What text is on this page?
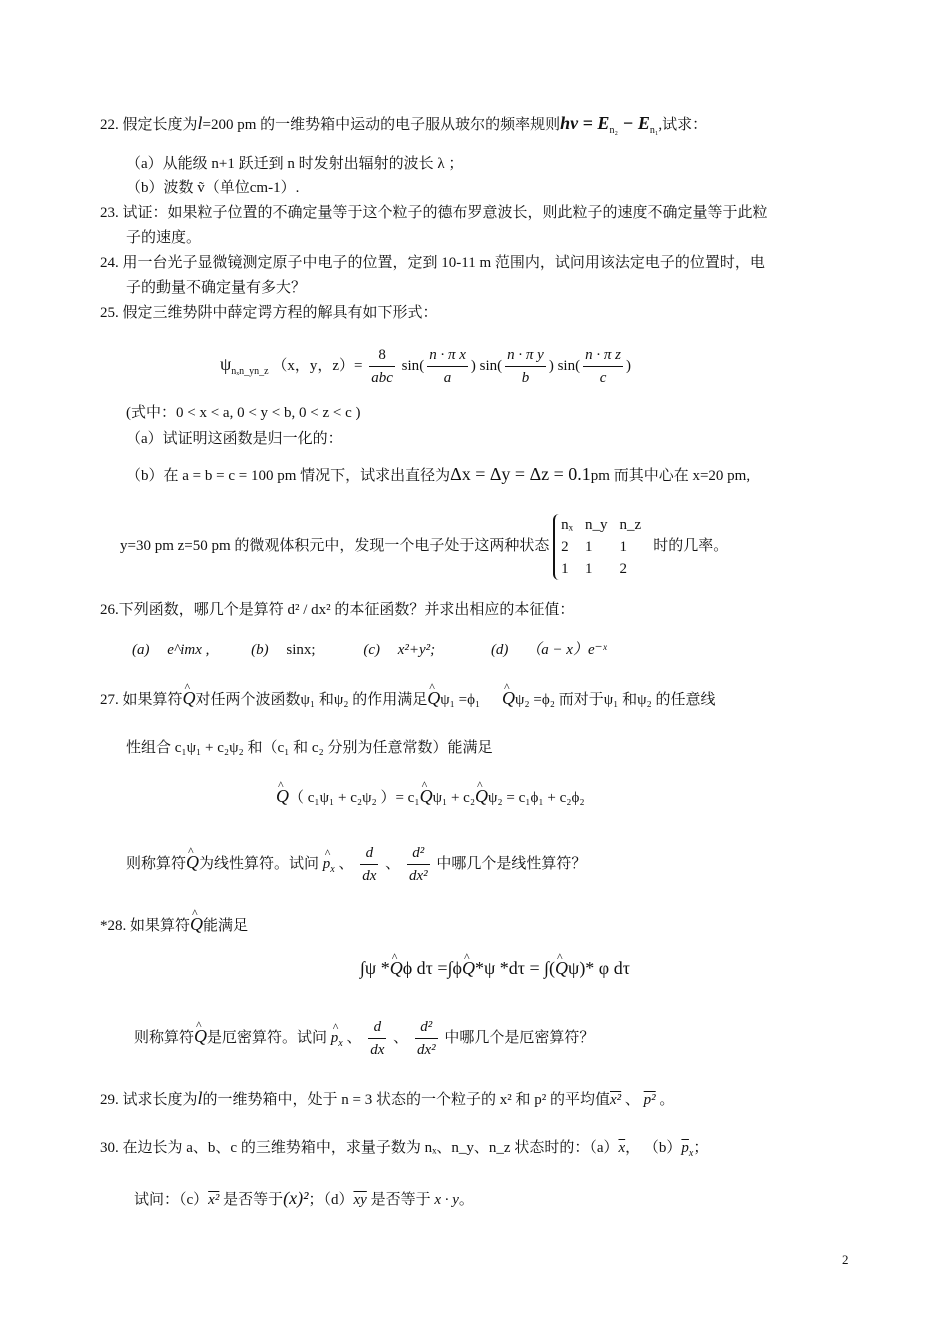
22. 假定长度为l=200 pm 的一维势箱中运动的电子服从玻尔的频率规则$h\nu = E_{n_2} - E_{n_1}$,试求：
（a）从能级 n+1 跃迁到 n 时发射出辐射的波长 λ ；
（b）波数 ṽ（单位cm-1）.
23. 试证：如果粒子位置的不确定量等于这个粒子的德布罗意波长，则此粒子的速度不确定量等于此粒
子的速度。
24. 用一台光子显微镜测定原子中电子的位置，定到 10-11 m 范围内，试问用该法定电子的位置时，电
子的動量不确定量有多大？
25. 假定三维势阱中薛定谔方程的解具有如下形式：
$\psi_{n_xn\_yn\_z}$ （x，y，$z)= \frac{8}{\text{abc}} \sin( \frac{\text{n · π x}}{a}$ ) $\sin( \frac{\text{n · π y}}{b}$ ) $\sin( \frac{\text{n · π z}}{c}$ )
(式中：0 < x < a, 0 < y < b, 0 < z < c )
（a）试证明这函数是归一化的：
（b）在 a = b = c = 100 pm 情况下，试求出直径为Δx = Δy = Δz = 0.1pm 而其中心在 x=20 pm,
y=30 pm z=50 pm 的微观体积元中，发现一个电子处于这两种状态
nₓ	n_y	n_z
2	1	1
1	1	2
时的几率。
26.下列函数，哪几个是算符 d² / dx² 的本征函数？并求出相应的本征值：
(a) e^imx ,	(b) sinx;	(c) x²+y²;	(d) （a − x）e⁻ˣ
27. 如果算符^ Q对任两个波函数ψ₁ 和ψ₂ 的作用满足^ Qψ₁ =ϕ₁ ^ Qψ₂ =ϕ₂ 而对于ψ₁ 和ψ₂ 的任意线
性组合 c₁ψ₁ + c₂ψ₂ 和（c₁ 和 c₂ 分别为任意常数）能满足
^ Q（ c₁ψ₁ + c₂ψ₂ ）= c₁^ Qψ₁ + c₂^ Qψ₂ = c₁ϕ₁ + c₂ϕ₂
则称算符^ Q为线性算符。试问 ^ $p_x$ 、 $\frac{d}{dx}$ 、 $\frac{\text{d²}}{\text{dx²}}$ 中哪几个是线性算符？
*28. 如果算符^ Q能满足
∫ψ *^ Qϕ dτ =∫ϕ^ Q*ψ *dτ = ∫(^ Qψ)* φ dτ
则称算符^ Q是厄密算符。试问 ^ $p_x$ 、 $\frac{d}{dx}$ 、 $\frac{\text{d²}}{\text{dx²}}$ 中哪几个是厄密算符？
29. 试求长度为l的一维势箱中，处于 n = 3 状态的一个粒子的 x² 和 p² 的平均值x² 、 p² 。
30. 在边长为 a、b、c 的三维势箱中，求量子数为 nₓ、n_y、n_z 状态时的：$(a)\overline{x}$， $(b)\overline{p}_x$；
试问：（c）x² 是否等于(x)²；$(d)\overline{xy}$ 是否等于 x · y。
2
